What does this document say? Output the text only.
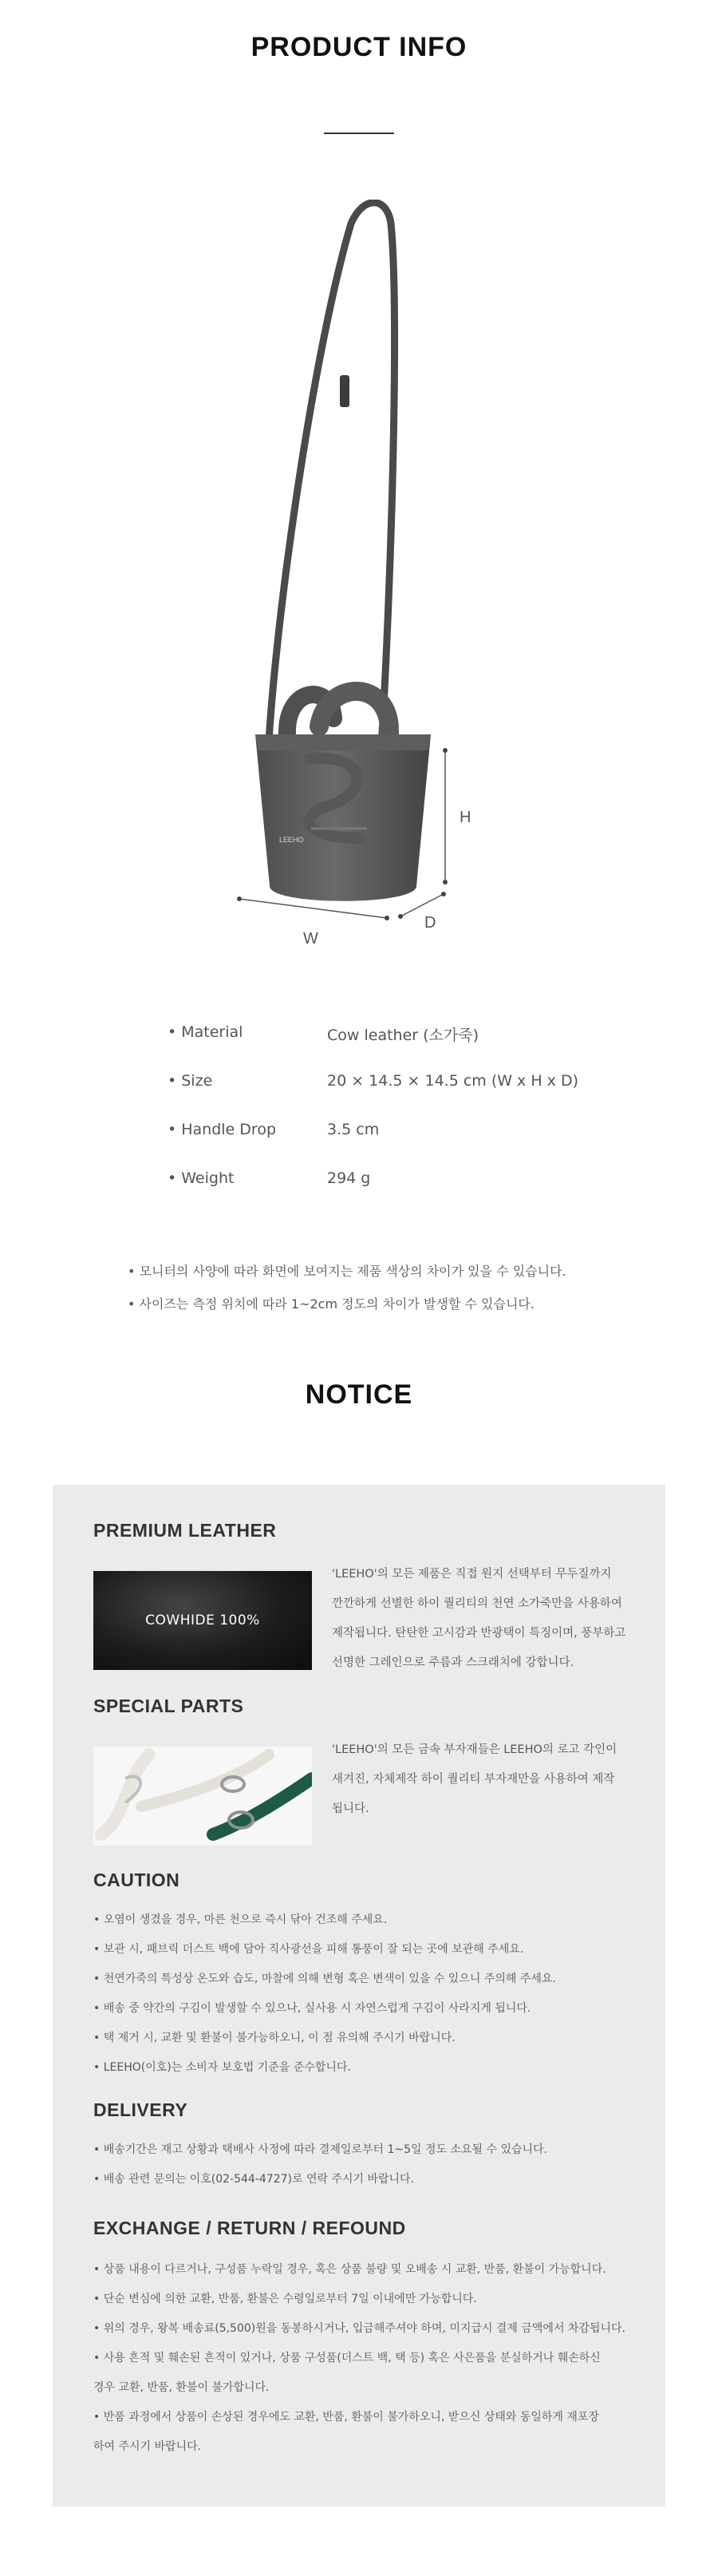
PRODUCT INFO
LEEHO
H
W
D
• Material	Cow leather (소가죽)
• Size	20 × 14.5 × 14.5 cm (W x H x D)
• Handle Drop	3.5 cm
• Weight	294 g
• 모니터의 사양에 따라 화면에 보여지는 제품 색상의 차이가 있을 수 있습니다.
• 사이즈는 측정 위치에 따라 1~2cm 정도의 차이가 발생할 수 있습니다.
NOTICE
PREMIUM LEATHER
COWHIDE 100%
'LEEHO'의 모든 제품은 직접 원지 선택부터 무두질까지
깐깐하게 선별한 하이 퀄리티의 천연 소가죽만을 사용하여
제작됩니다. 탄탄한 고시감과 반광택이 특징이며, 풍부하고
선명한 그레인으로 주름과 스크래치에 강합니다.
SPECIAL PARTS
'LEEHO'의 모든 금속 부자재들은 LEEHO의 로고 각인이
새겨진, 자체제작 하이 퀄리티 부자재만을 사용하여 제작
됩니다.
CAUTION
• 오염이 생겼을 경우, 마른 천으로 즉시 닦아 건조해 주세요.
• 보관 시, 패브릭 더스트 백에 담아 직사광선을 피해 통풍이 잘 되는 곳에 보관해 주세요.
• 천연가죽의 특성상 온도와 습도, 마찰에 의해 변형 혹은 변색이 있을 수 있으니 주의해 주세요.
• 배송 중 약간의 구김이 발생할 수 있으나, 실사용 시 자연스럽게 구김이 사라지게 됩니다.
• 택 제거 시, 교환 및 환불이 불가능하오니, 이 점 유의해 주시기 바랍니다.
• LEEHO(이호)는 소비자 보호법 기준을 준수합니다.
DELIVERY
• 배송기간은 재고 상황과 택배사 사정에 따라 결제일로부터 1~5일 정도 소요될 수 있습니다.
• 배송 관련 문의는 이호(02-544-4727)로 연락 주시기 바랍니다.
EXCHANGE / RETURN / REFOUND
• 상품 내용이 다르거나, 구성품 누락일 경우, 혹은 상품 불량 및 오배송 시 교환, 반품, 환불이 가능합니다.
• 단순 변심에 의한 교환, 반품, 환불은 수령일로부터 7일 이내에만 가능합니다.
• 위의 경우, 왕복 배송료(5,500)원을 동봉하시거나, 입금해주셔야 하며, 미지급시 결제 금액에서 차감됩니다.
• 사용 흔적 및 훼손된 흔적이 있거나, 상품 구성품(더스트 백, 택 등) 혹은 사은품을 분실하거나 훼손하신
경우 교환, 반품, 환불이 불가합니다.
• 반품 과정에서 상품이 손상된 경우에도 교환, 반품, 환불이 불가하오니, 받으신 상태와 동일하게 재포장
하여 주시기 바랍니다.
